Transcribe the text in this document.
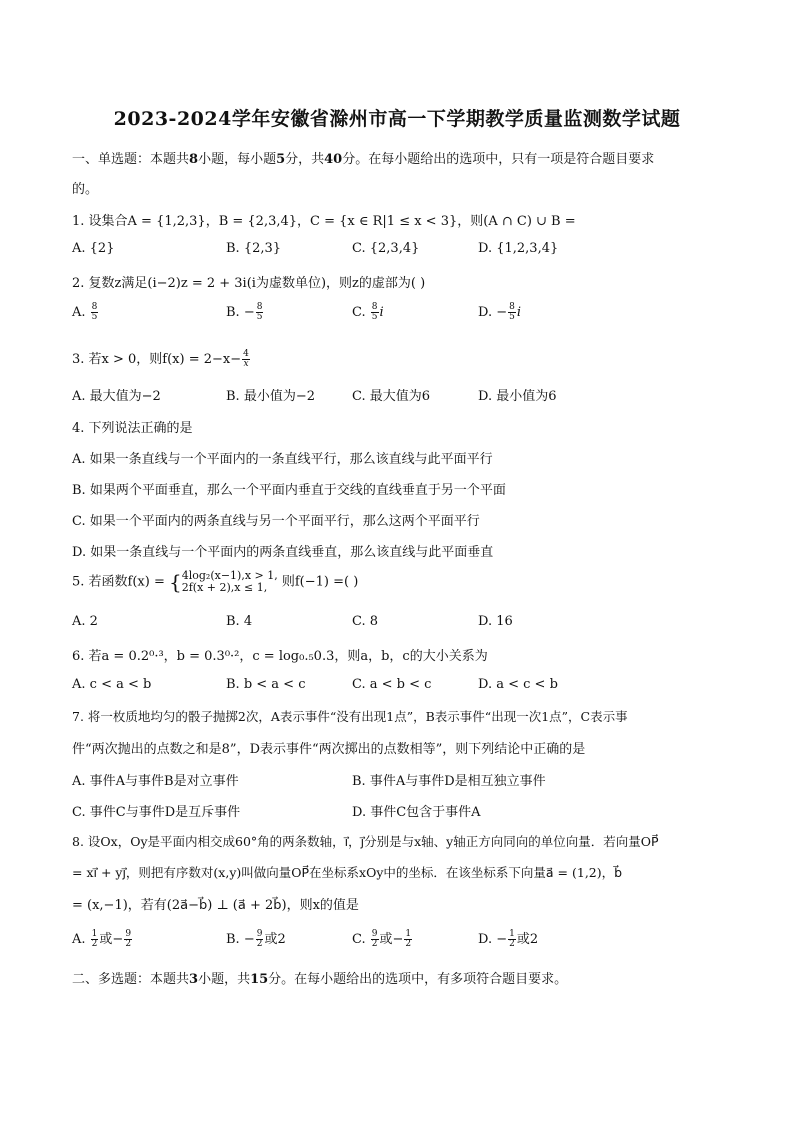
2023-2024学年安徽省滁州市高一下学期教学质量监测数学试题
一、单选题：本题共8小题，每小题5分，共40分。在每小题给出的选项中，只有一项是符合题目要求
的。
1. 设集合A = {1,2,3}，B = {2,3,4}，C = {x ∈ R|1 ≤ x < 3}，则(A ∩ C) ∪ B =
A. {2}	B. {2,3}	C. {2,3,4}	D. {1,2,3,4}
2. 复数z满足(i−2)z = 2 + 3i(i为虚数单位)，则z的虚部为( )
A. $\frac{8}{5}$	B. − $\frac{8}{5}$	C. $\frac{8}{5}$ i	D. − $\frac{8}{5}$ i
3. 若x > 0，则$f(x) = 2-x- \frac{4}{x}$
A. 最大值为−2	B. 最小值为−2	C. 最大值为6	D. 最小值为6
4. 下列说法正确的是
A. 如果一条直线与一个平面内的一条直线平行，那么该直线与此平面平行
B. 如果两个平面垂直，那么一个平面内垂直于交线的直线垂直于另一个平面
C. 如果一个平面内的两条直线与另一个平面平行，那么这两个平面平行
D. 如果一条直线与一个平面内的两条直线垂直，那么该直线与此平面垂直
5. 若函数f(x) = { 4log₂(x−1),x > 1,
2f(x + 2),x ≤ 1,	则f(−1) =( )
A. 2	B. 4	C. 8	D. 16
6. 若a = 0.2⁰·³，b = 0.3⁰·²，c = log₀.₅0.3，则a，b，c的大小关系为
A. c < a < b	B. b < a < c	C. a < b < c	D. a < c < b
7. 将一枚质地均匀的骰子抛掷2次，A表示事件“没有出现1点”，B表示事件“出现一次1点”，C表示事
件“两次抛出的点数之和是8”，D表示事件“两次掷出的点数相等”，则下列结论中正确的是
A. 事件A与事件B是对立事件	B. 事件A与事件D是相互独立事件
C. 事件C与事件D是互斥事件	D. 事件C包含于事件A
8. 设Ox，Oy是平面内相交成60°角的两条数轴，i⃗，j⃗分别是与x轴、y轴正方向同向的单位向量．若向量OP⃗
= xi⃗ + yj⃗，则把有序数对(x,y)叫做向量OP⃗在坐标系xOy中的坐标．在该坐标系下向量a⃗ = (1,2)，b⃗
= (x,−1)，若有(2a⃗−b⃗) ⊥ (a⃗ + 2b⃗)，则x的值是
A. $\frac{1}{2}$ 或− $\frac{9}{2}$	B. − $\frac{9}{2}$ 或2	C. $\frac{9}{2}$ 或− $\frac{1}{2}$	D. − $\frac{1}{2}$ 或2
二、多选题：本题共3小题，共15分。在每小题给出的选项中，有多项符合题目要求。
